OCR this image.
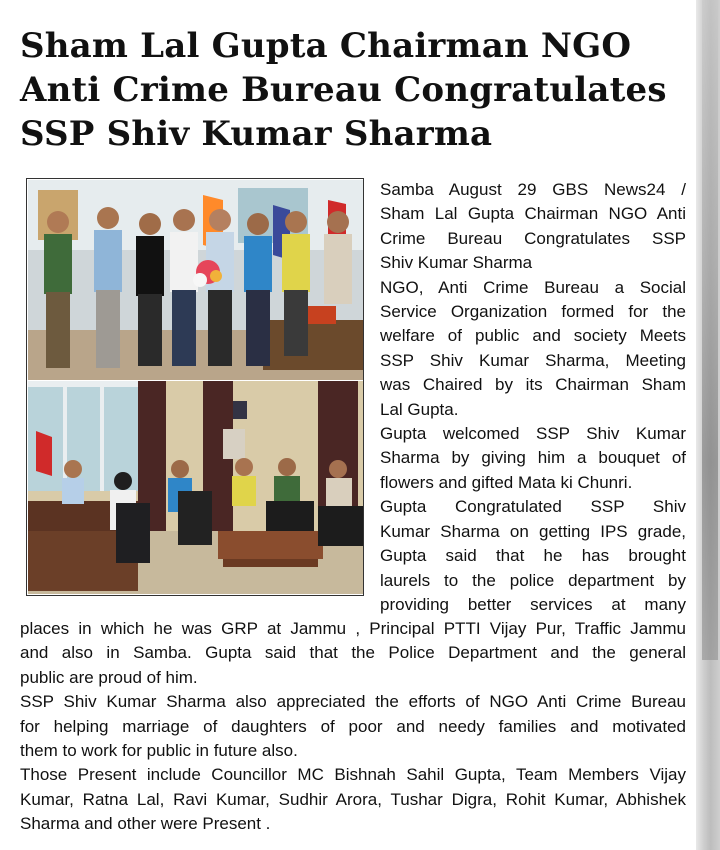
Sham Lal Gupta Chairman NGO
Anti Crime Bureau Congratulates
SSP Shiv Kumar Sharma
Samba August 29 GBS News24 /
Sham Lal Gupta Chairman NGO Anti
Crime Bureau Congratulates SSP
Shiv Kumar Sharma
NGO, Anti Crime Bureau a Social
Service Organization formed for the
welfare of public and society Meets
SSP Shiv Kumar Sharma, Meeting
was Chaired by its Chairman Sham
Lal Gupta.
Gupta welcomed SSP Shiv Kumar
Sharma by giving him a bouquet of
flowers and gifted Mata ki Chunri.
Gupta Congratulated SSP Shiv
Kumar Sharma on getting IPS grade,
Gupta said that he has brought
laurels to the police department by
providing better services at many
places in which he was GRP at Jammu , Principal PTTI Vijay Pur, Traffic Jammu
and also in Samba. Gupta said that the Police Department and the general
public are proud of him.
SSP Shiv Kumar Sharma also appreciated the efforts of NGO Anti Crime Bureau
for helping marriage of daughters of poor and needy families and motivated
them to work for public in future also.
Those Present include Councillor MC Bishnah Sahil Gupta, Team Members Vijay
Kumar, Ratna Lal, Ravi Kumar, Sudhir Arora, Tushar Digra, Rohit Kumar, Abhishek
Sharma and other were Present .
